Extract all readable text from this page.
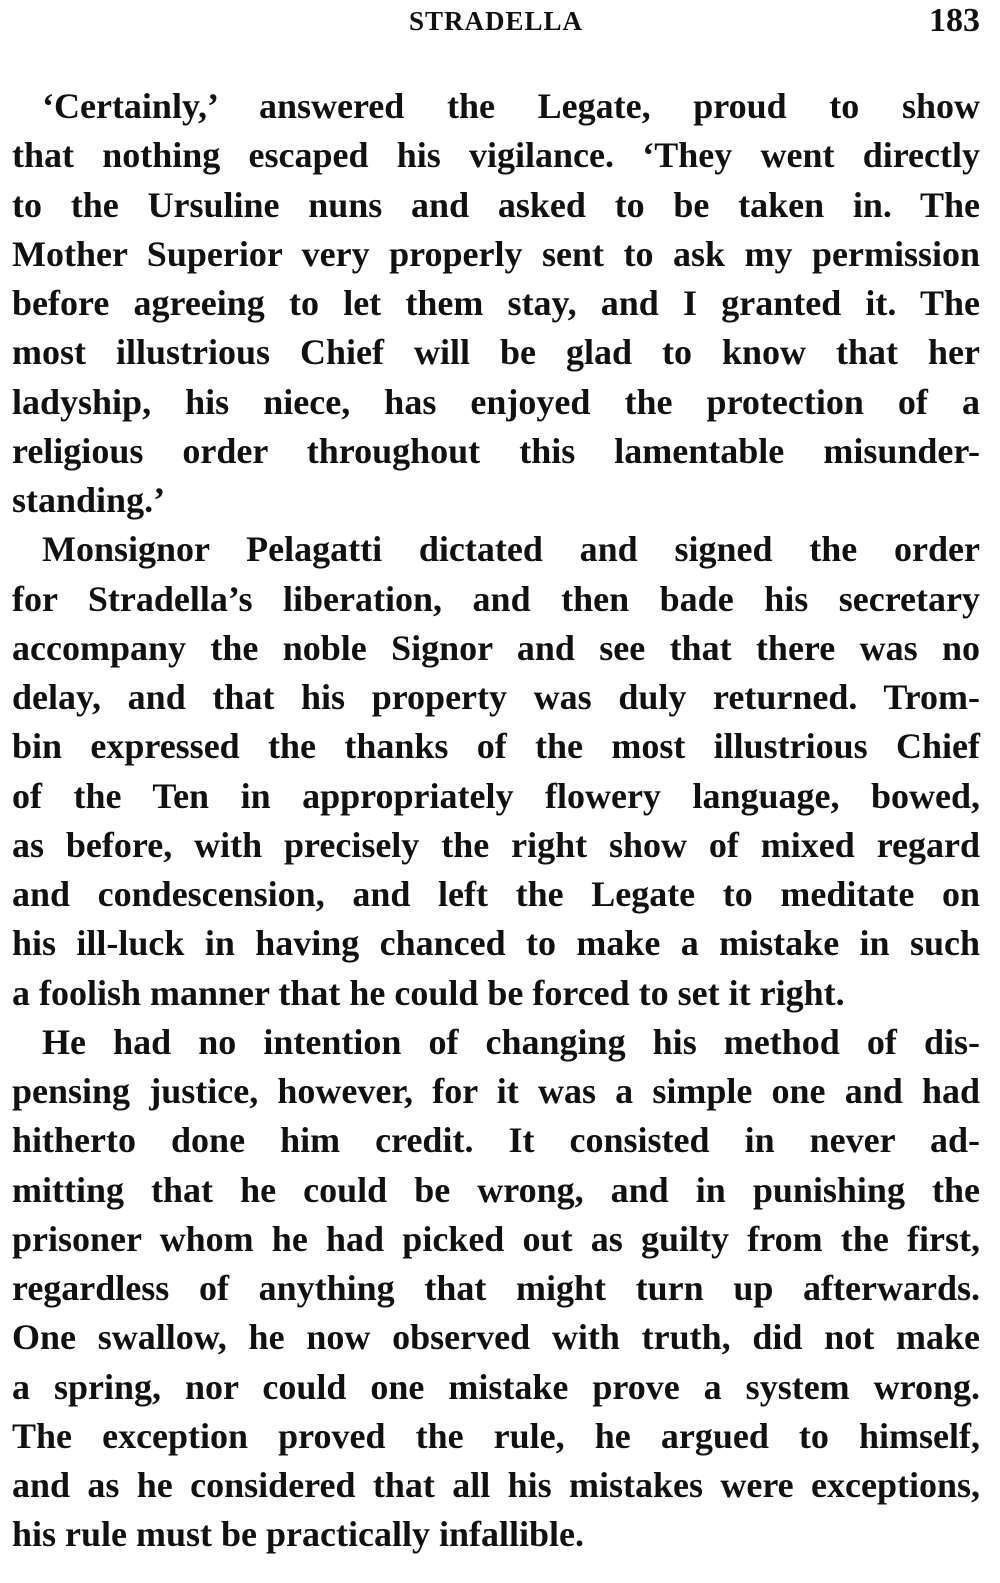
STRADELLA	183

‘Certainly,’ answered the Legate, proud to show
that nothing escaped his vigilance. ‘They went directly
to the Ursuline nuns and asked to be taken in. The
Mother Superior very properly sent to ask my permission
before agreeing to let them stay, and I granted it. The
most illustrious Chief will be glad to know that her
ladyship, his niece, has enjoyed the protection of a
religious order throughout this lamentable misunder-
standing.’

Monsignor Pelagatti dictated and signed the order
for Stradella’s liberation, and then bade his secretary
accompany the noble Signor and see that there was no
delay, and that his property was duly returned. Trom-
bin expressed the thanks of the most illustrious Chief
of the Ten in appropriately flowery language, bowed,
as before, with precisely the right show of mixed regard
and condescension, and left the Legate to meditate on
his ill-luck in having chanced to make a mistake in such
a foolish manner that he could be forced to set it right.

He had no intention of changing his method of dis-
pensing justice, however, for it was a simple one and had
hitherto done him credit. It consisted in never ad-
mitting that he could be wrong, and in punishing the
prisoner whom he had picked out as guilty from the first,
regardless of anything that might turn up afterwards.
One swallow, he now observed with truth, did not make
a spring, nor could one mistake prove a system wrong.
The exception proved the rule, he argued to himself,
and as he considered that all his mistakes were exceptions,
his rule must be practically infallible.
